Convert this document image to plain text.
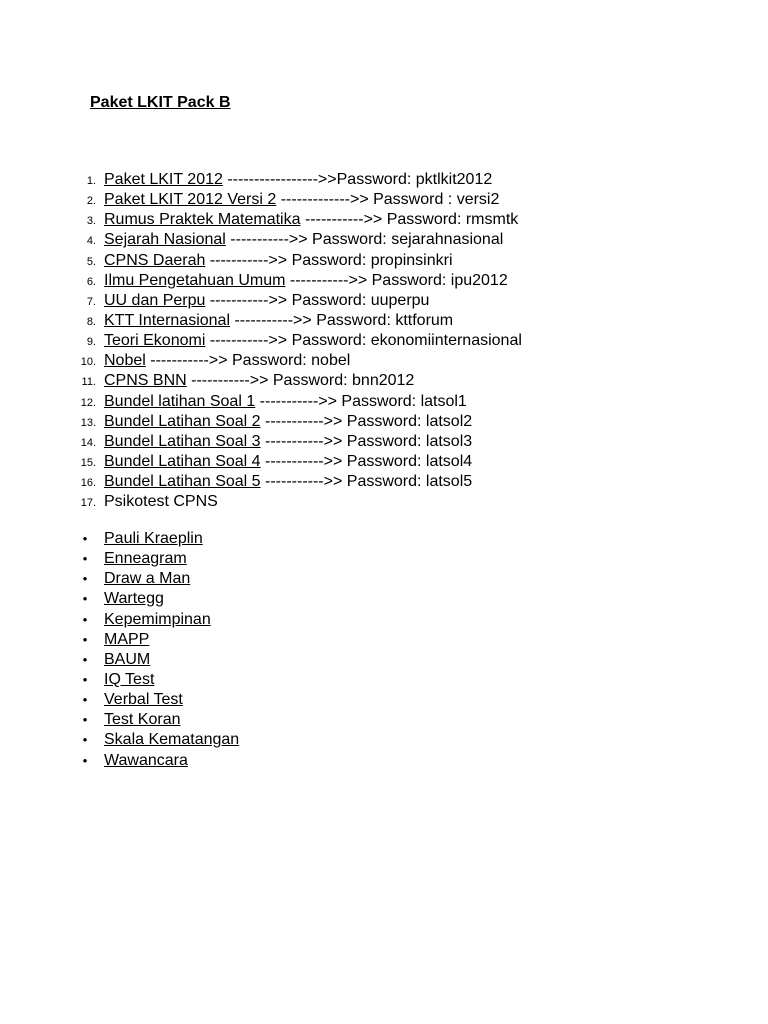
Paket LKIT Pack B
1. Paket LKIT 2012 ----------------->>Password: pktlkit2012
2. Paket LKIT 2012 Versi 2 ------------->> Password : versi2
3. Rumus Praktek Matematika ----------->> Password: rmsmtk
4. Sejarah Nasional ----------->> Password: sejarahnasional
5. CPNS Daerah ----------->> Password: propinsinkri
6. Ilmu Pengetahuan Umum ----------->> Password: ipu2012
7. UU dan Perpu ----------->> Password: uuperpu
8. KTT Internasional ----------->> Password: kttforum
9. Teori Ekonomi ----------->> Password: ekonomiinternasional
10. Nobel ----------->> Password: nobel
11. CPNS BNN ----------->> Password: bnn2012
12. Bundel latihan Soal 1 ----------->> Password: latsol1
13. Bundel Latihan Soal 2 ----------->> Password: latsol2
14. Bundel Latihan Soal 3 ----------->> Password: latsol3
15. Bundel Latihan Soal 4 ----------->> Password: latsol4
16. Bundel Latihan Soal 5 ----------->> Password: latsol5
17. Psikotest CPNS
• Pauli Kraeplin
• Enneagram
• Draw a Man
• Wartegg
• Kepemimpinan
• MAPP
• BAUM
• IQ Test
• Verbal Test
• Test Koran
• Skala Kematangan
• Wawancara
